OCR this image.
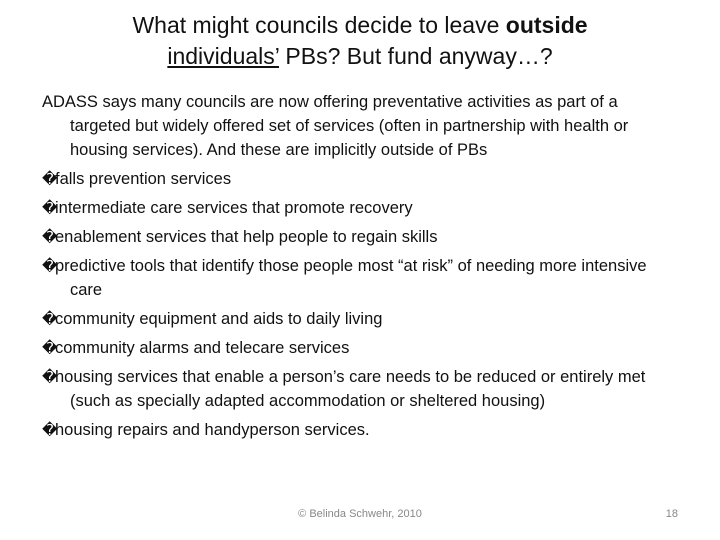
What might councils decide to leave outside
individuals’ PBs? But fund anyway…?

ADASS says many councils are now offering preventative activities as part of a targeted but widely offered set of services (often in partnership with health or housing services). And these are implicitly outside of PBs

�falls prevention services

�intermediate care services that promote recovery

�enablement services that help people to regain skills

�predictive tools that identify those people most “at risk” of needing more intensive care

�community equipment and aids to daily living

�community alarms and telecare services

�housing services that enable a person’s care needs to be reduced or entirely met (such as specially adapted accommodation or sheltered housing)

�housing repairs and handyperson services.

© Belinda Schwehr, 2010	18
